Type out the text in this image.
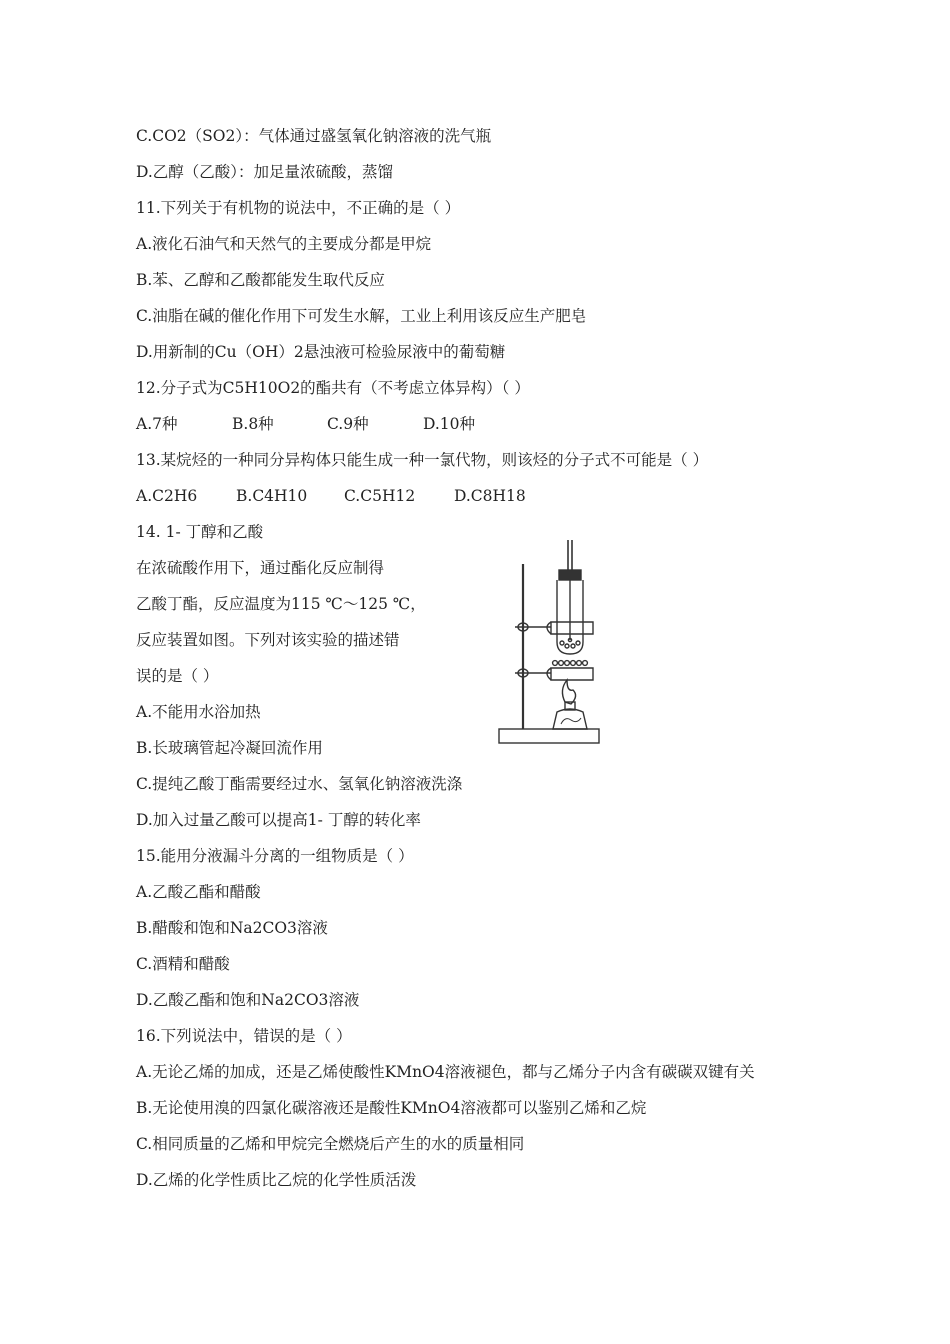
C.CO2（SO2）：气体通过盛氢氧化钠溶液的洗气瓶
D.乙醇（乙酸）：加足量浓硫酸，蒸馏
11.下列关于有机物的说法中，不正确的是（ ）
A.液化石油气和天然气的主要成分都是甲烷
B.苯、乙醇和乙酸都能发生取代反应
C.油脂在碱的催化作用下可发生水解，工业上利用该反应生产肥皂
D.用新制的Cu（OH）2悬浊液可检验尿液中的葡萄糖
12.分子式为C5H10O2的酯共有（不考虑立体异构）（ ）
A.7种	B.8种	C.9种	D.10种
13.某烷烃的一种同分异构体只能生成一种一氯代物，则该烃的分子式不可能是（ ）
A.C2H6	B.C4H10 C.C5H12	D.C8H18
14. 1- 丁醇和乙酸
在浓硫酸作用下，通过酯化反应制得
乙酸丁酯，反应温度为115 ℃～125 ℃，
反应装置如图。下列对该实验的描述错
误的是（ ）
A.不能用水浴加热
B.长玻璃管起冷凝回流作用
C.提纯乙酸丁酯需要经过水、氢氧化钠溶液洗涤
D.加入过量乙酸可以提高1- 丁醇的转化率
15.能用分液漏斗分离的一组物质是（ ）
A.乙酸乙酯和醋酸
B.醋酸和饱和Na2CO3溶液
C.酒精和醋酸
D.乙酸乙酯和饱和Na2CO3溶液
16.下列说法中，错误的是（ ）
A.无论乙烯的加成，还是乙烯使酸性KMnO4溶液褪色，都与乙烯分子内含有碳碳双键有关
B.无论使用溴的四氯化碳溶液还是酸性KMnO4溶液都可以鉴别乙烯和乙烷
C.相同质量的乙烯和甲烷完全燃烧后产生的水的质量相同
D.乙烯的化学性质比乙烷的化学性质活泼
